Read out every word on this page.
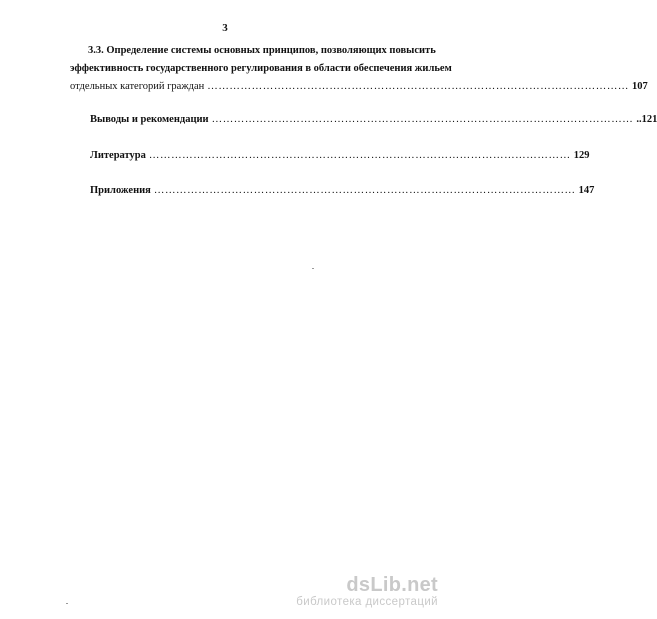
3
3.3. Определение системы основных принципов, позволяющих повысить
эффективность государственного регулирования в области обеспечения жильем
отдельных категорий граждан …………………………………………………………………………………………………… 107
Выводы и рекомендации …………………………………………………………………………………………………… ..121
Литература …………………………………………………………………………………………………… 129
Приложения …………………………………………………………………………………………………… 147
dsLib.net
библиотека диссертаций
